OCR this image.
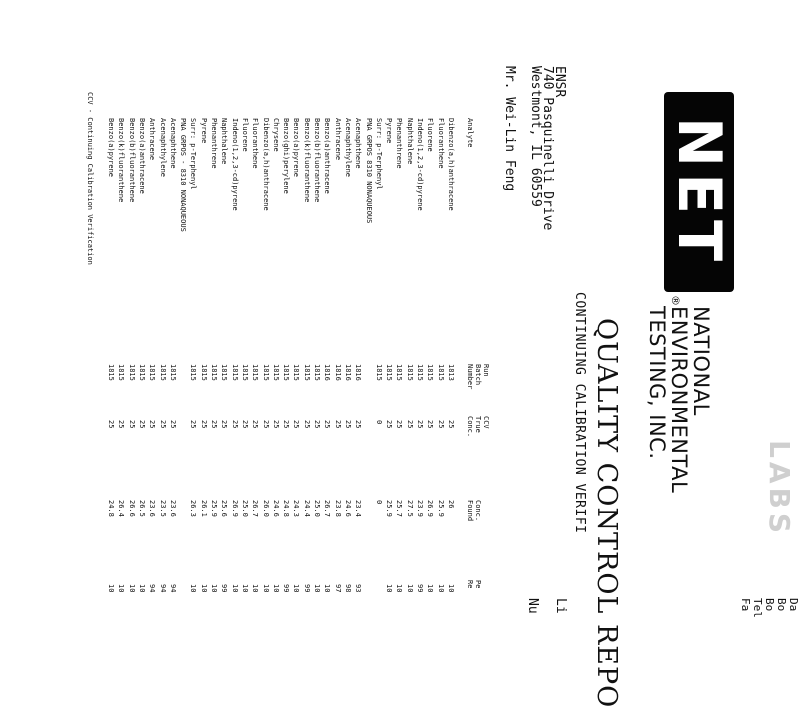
LABS
NET
®
NATIONAL
ENVIRONMENTAL
TESTING, INC.
QUALITY CONTROL REPO
CONTINUING CALIBRATION VERIFI
ENSR
740 Pasquinelli Drive
Westmont, IL 60559
Mr. Wei-Lin Feng
Da
Bo
Bo
Tel
Fa
Li
Nu
Analyte
Run
Batch
Number
CCV
True
Conc.
Conc.
Found
Pe
Re
Dibenzo(a,h)anthracene
1813
25
26
10
Fluoranthene
1815
25
25.9
10
Fluorene
1815
25
26.9
10
Indeno(1,2,3-cd)pyrene
1815
25
23.9
99
Naphthalene
1815
25
27.5
10
Phenanthrene
1815
25
25.7
10
Pyrene
1815
25
25.9
10
Surr: p-Terphenyl
1815
0
0
PNA GRPOS 8310 NONAQUEOUS
Acenaphthene
1816
25
23.4
93
Acenaphthylene
1816
25
24.6
98
Anthracene
1816
25
23.8
97
Benzo(a)anthracene
1816
25
26.7
10
Benzo(b)fluoranthene
1815
25
25.0
10
Benzo(k)fluoranthene
1815
25
24.4
99
Benzo(a)pyrene
1815
25
24.3
10
Benzo(ghi)perylene
1815
25
24.8
99
Chrysene
1815
25
24.6
10
Dibenzo(a,h)anthracene
1815
25
26.0
10
Fluoranthene
1815
25
26.7
10
Fluorene
1815
25
25.0
10
Indeno(1,2,3-cd)pyrene
1815
25
26.9
10
Naphthalene
1815
25
25.6
99
Phenanthrene
1815
25
25.9
10
Pyrene
1815
25
26.1
10
Surr: p-Terphenyl
1815
25
26.3
10
PNA GRPOS - 8310 NONAQUEOUS
Acenaphthene
1815
25
23.6
94
Acenaphthylene
1815
25
23.5
94
Anthracene
1815
25
23.6
94
Benzo(a)anthracene
1815
25
26.5
10
Benzo(b)fluoranthene
1815
25
26.6
10
Benzo(k)fluoranthene
1815
25
26.4
10
Benzo(a)pyrene
1815
25
24.8
10
CCV - Continuing Calibration Verification
